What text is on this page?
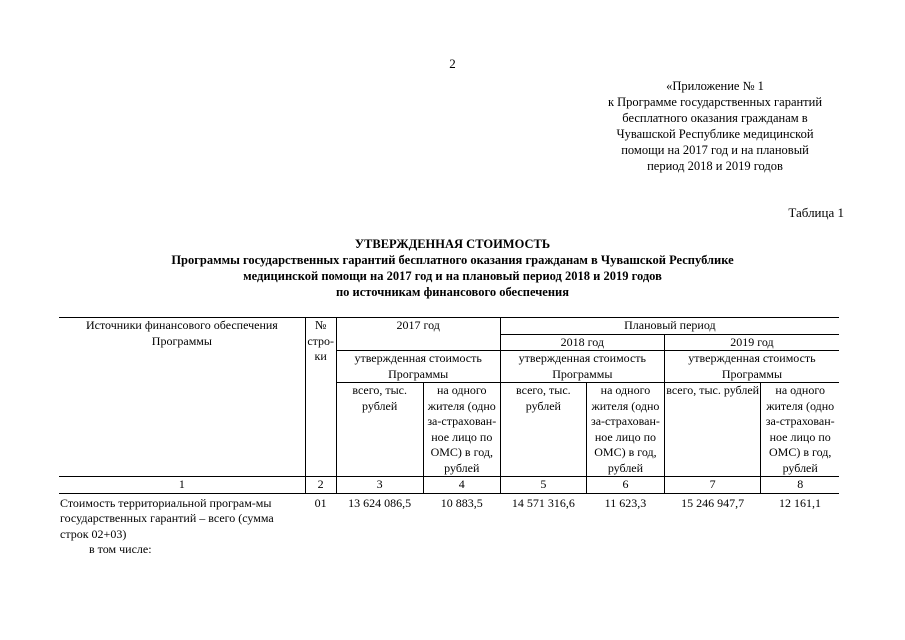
2
«Приложение № 1
к Программе государственных гарантий
бесплатного оказания гражданам в
Чувашской Республике медицинской
помощи на 2017 год и на плановый
период 2018 и 2019 годов
Таблица 1
УТВЕРЖДЕННАЯ СТОИМОСТЬ
Программы государственных гарантий бесплатного оказания гражданам в Чувашской Республике
медицинской помощи на 2017 год и на плановый период 2018 и 2019 годов
по источникам финансового обеспечения
Источники финансового обеспечения Программы	№ стро-ки	2017 год		Плановый период			
				2018 год		2019 год	
		утвержденная стоимость Программы		утвержденная стоимость Программы		утвержденная стоимость Программы	
		всего, тыс. рублей	на одного жителя (одно за-страхован-ное лицо по ОМС) в год, рублей	всего, тыс. рублей	на одного жителя (одно за-страхован-ное лицо по ОМС) в год, рублей	всего, тыс. рублей	на одного жителя (одно за-страхован-ное лицо по ОМС) в год, рублей
1	2	3	4	5	6	7	8
Стоимость территориальной програм-мы государственных гарантий – всего (сумма строк 02+03)	01	13 624 086,5	10 883,5	14 571 316,6	11 623,3	15 246 947,7	12 161,1
в том числе:							
